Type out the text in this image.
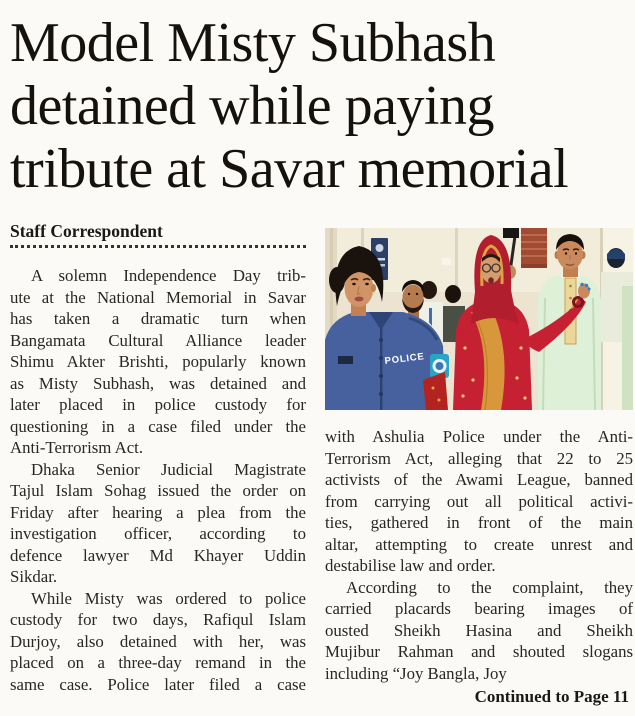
Model Misty Subhash
detained while paying
tribute at Savar memorial
Staff Correspondent

A solemn Independence Day trib-
ute at the National Memorial in Savar
has taken a dramatic turn when
Bangamata Cultural Alliance leader
Shimu Akter Brishti, popularly known
as Misty Subhash, was detained and
later placed in police custody for
questioning in a case filed under the
Anti-Terrorism Act.

Dhaka Senior Judicial Magistrate
Tajul Islam Sohag issued the order on
Friday after hearing a plea from the
investigation officer, according to
defence lawyer Md Khayer Uddin
Sikdar.

While Misty was ordered to police
custody for two days, Rafiqul Islam
Durjoy, also detained with her, was
placed on a three-day remand in the
same case. Police later filed a case

POLICE

with Ashulia Police under the Anti-
Terrorism Act, alleging that 22 to 25
activists of the Awami League, banned
from carrying out all political activi-
ties, gathered in front of the main
altar, attempting to create unrest and
destabilise law and order.

According to the complaint, they
carried placards bearing images of
ousted Sheikh Hasina and Sheikh
Mujibur Rahman and shouted slogans
including “Joy Bangla, Joy

Continued to Page 11
